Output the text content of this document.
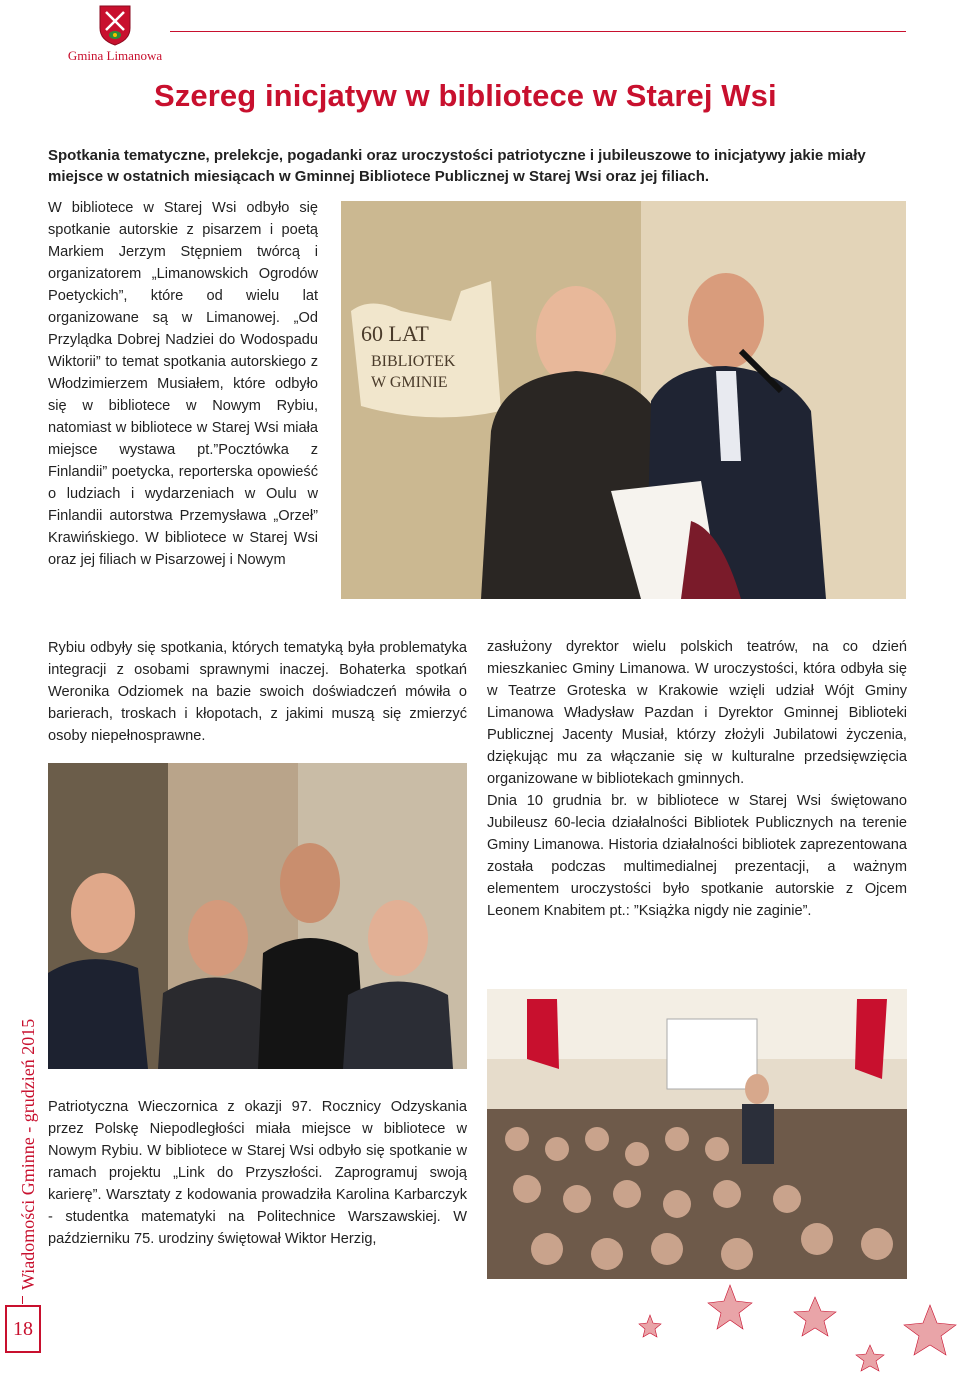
Gmina Limanowa
Szereg inicjatyw w bibliotece w Starej Wsi
Spotkania tematyczne, prelekcje, pogadanki oraz uroczystości patriotyczne i jubileuszowe to inicjatywy jakie miały miejsce w ostatnich miesiącach w Gminnej Bibliotece Publicznej w Starej Wsi oraz jej filiach.
W bibliotece w Starej Wsi odbyło się spotkanie autorskie z pisarzem i poetą Markiem Jerzym Stępniem twórcą i organizatorem „Limanowskich Ogrodów Poetyckich”, które od wielu lat organizowane są w Limanowej. „Od Przylądka Dobrej Nadziei do Wodospadu Wiktorii” to temat spotkania autorskiego z Włodzimierzem Musiałem, które odbyło się w bibliotece w Nowym Rybiu, natomiast w bibliotece w Starej Wsi miała miejsce wystawa pt.”Pocztówka z Finlandii” poetycka, reporterska opowieść o ludziach i wydarzeniach w Oulu w Finlandii autorstwa Przemysława „Orzeł” Krawińskiego. W bibliotece w Starej Wsi oraz jej filiach w Pisarzowej i Nowym
60 LAT
BIBLIOTEK
W GMINIE
Rybiu odbyły się spotkania, których tematyką była problematyka integracji z osobami sprawnymi inaczej. Bohaterka spotkań Weronika Odziomek na bazie swoich doświadczeń mówiła o barierach, troskach i kłopotach, z jakimi muszą się zmierzyć osoby niepełnosprawne.
zasłużony dyrektor wielu polskich teatrów, na co dzień mieszkaniec Gminy Limanowa. W uroczystości, która odbyła się w Teatrze Groteska w Krakowie wzięli udział Wójt Gminy Limanowa Władysław Pazdan i Dyrektor Gminnej Biblioteki Publicznej Jacenty Musiał, którzy złożyli Jubilatowi życzenia, dziękując mu za włączanie się w kulturalne przedsięwzięcia organizowane w bibliotekach gminnych.
Dnia 10 grudnia br. w bibliotece w Starej Wsi świętowano Jubileusz 60-lecia działalności Bibliotek Publicznych na terenie Gminy Limanowa. Historia działalności bibliotek zaprezentowana została podczas multimedialnej prezentacji, a ważnym elementem uroczystości było spotkanie autorskie z Ojcem Leonem Knabitem pt.: ”Książka nigdy nie zaginie”.
Patriotyczna Wieczornica z okazji 97. Rocznicy Odzyskania przez Polskę Niepodległości miała miejsce w bibliotece w Nowym Rybiu. W bibliotece w Starej Wsi odbyło się spotkanie w ramach projektu „Link do Przyszłości. Zaprogramuj swoją karierę”. Warsztaty z kodowania prowadziła Karolina Karbarczyk - studentka matematyki na Politechnice Warszawskiej. W październiku 75. urodziny świętował Wiktor Herzig,
Wiadomości Gminne - grudzień 2015
18
